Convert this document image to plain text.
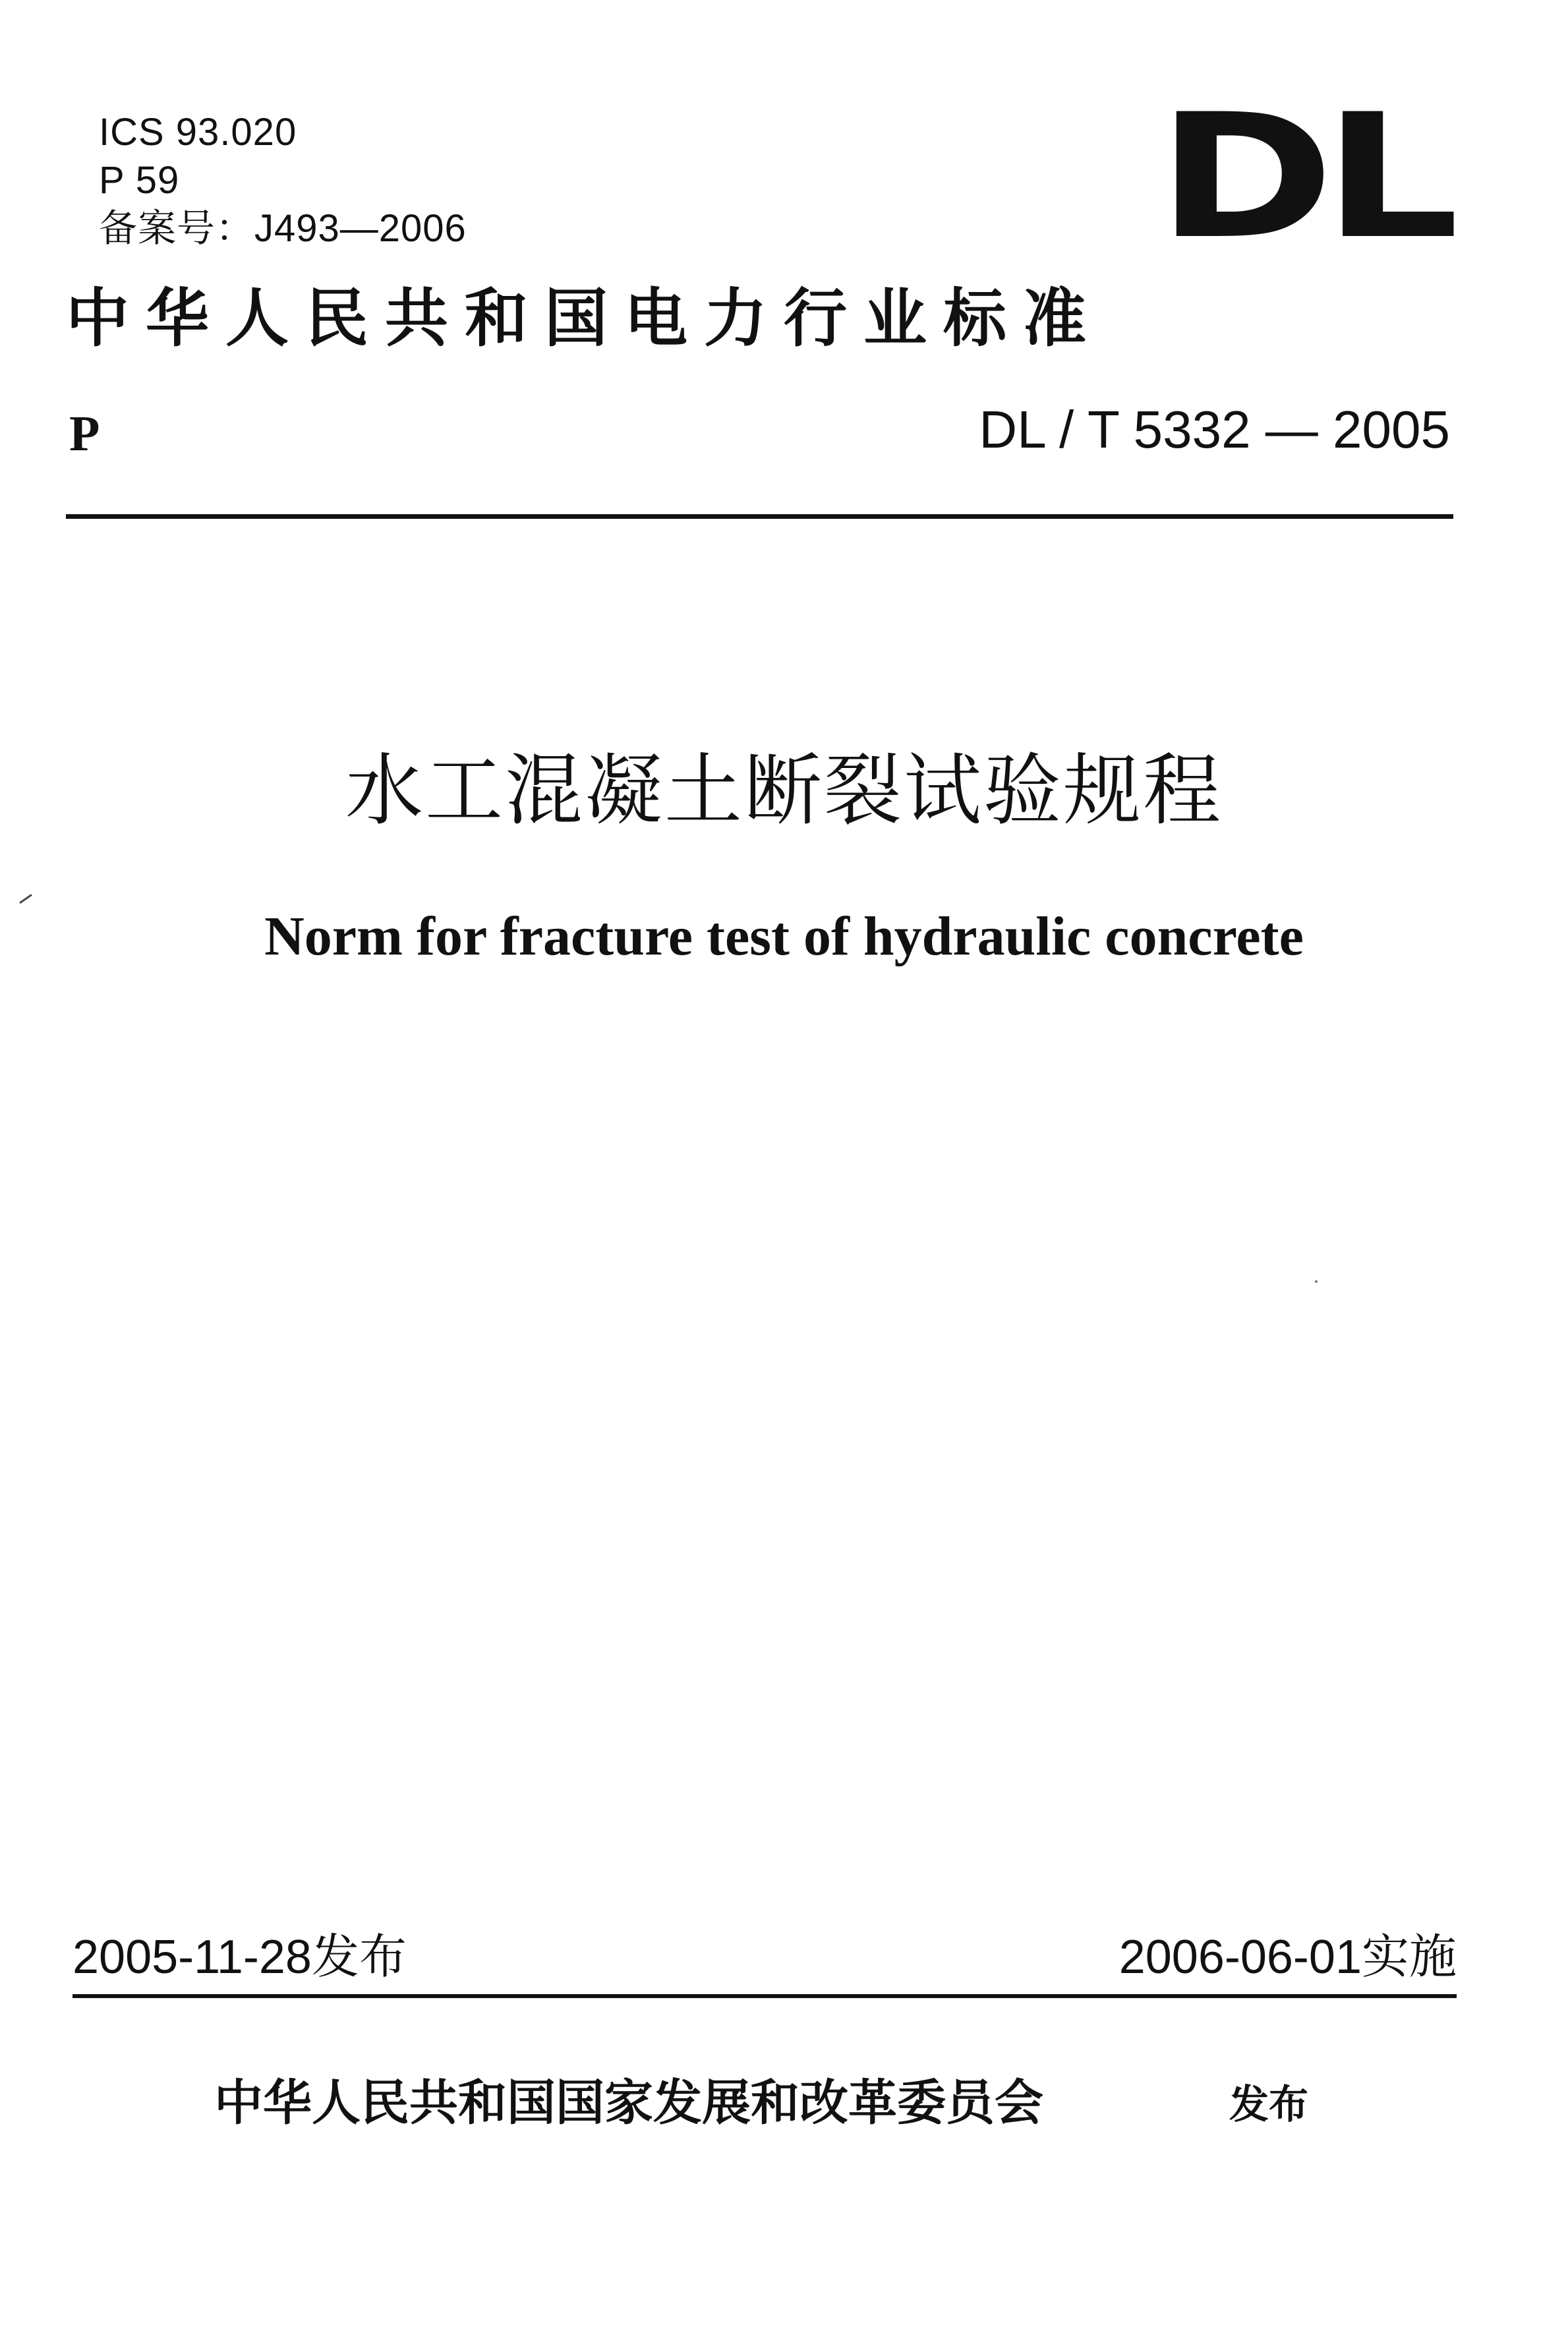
ICS 93.020
P 59
备案号：J493—2006	DL
中华人民共和国电力行业标准
P	DL / T 5332 — 2005
水工混凝土断裂试验规程
Norm for fracture test of hydraulic concrete
2005-11-28发布	2006-06-01实施
中华人民共和国国家发展和改革委员会	发布
